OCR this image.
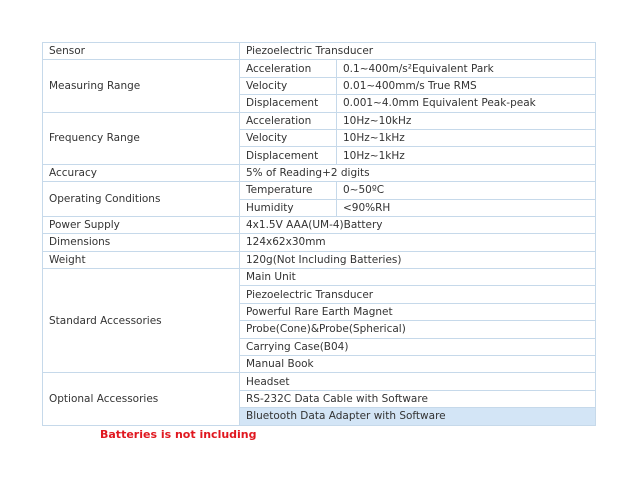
Sensor	Piezoelectric Transducer	
Measuring Range	Acceleration	0.1~400m/s²Equivalent Park
	Velocity	0.01~400mm/s True RMS
	Displacement	0.001~4.0mm Equivalent Peak-peak
Frequency Range	Acceleration	10Hz~10kHz
	Velocity	10Hz~1kHz
	Displacement	10Hz~1kHz
Accuracy	5% of Reading+2 digits	
Operating Conditions	Temperature	0~50ºC
	Humidity	<90%RH
Power Supply	4x1.5V AAA(UM-4)Battery	
Dimensions	124x62x30mm	
Weight	120g(Not Including Batteries)	
Standard Accessories	Main Unit	
	Piezoelectric Transducer	
	Powerful Rare Earth Magnet	
	Probe(Cone)&Probe(Spherical)	
	Carrying Case(B04)	
	Manual Book	
Optional Accessories	Headset	
	RS-232C Data Cable with Software	
	Bluetooth Data Adapter with Software	
Batteries is not including
